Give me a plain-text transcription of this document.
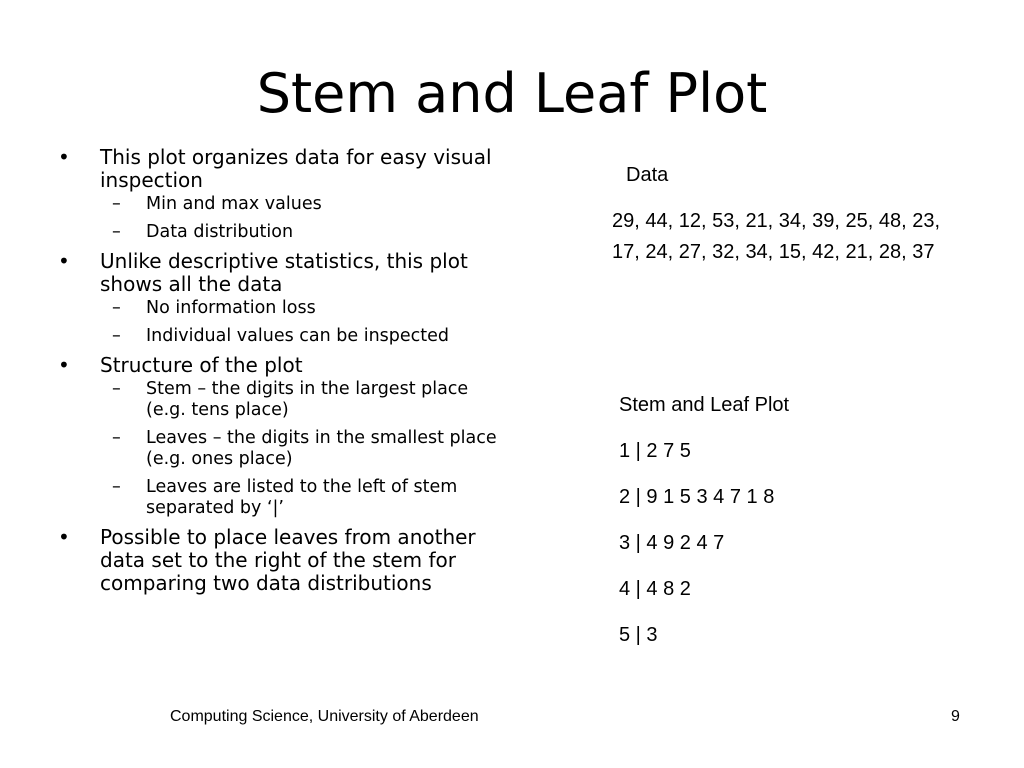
Stem and Leaf Plot
• This plot organizes data for easy visual inspection
– Min and max values
– Data distribution
• Unlike descriptive statistics, this plot shows all the data
– No information loss
– Individual values can be inspected
• Structure of the plot
– Stem – the digits in the largest place (e.g. tens place)
– Leaves – the digits in the smallest place (e.g. ones place)
– Leaves are listed to the left of stem separated by ‘|’
• Possible to place leaves from another data set to the right of the stem for comparing two data distributions
Data
29, 44, 12, 53, 21, 34, 39, 25, 48, 23, 17, 24, 27, 32, 34, 15, 42, 21, 28, 37
Stem and Leaf Plot
1 | 2 7 5
2 | 9 1 5 3 4 7 1 8
3 | 4 9 2 4 7
4 | 4 8 2
5 | 3
Computing Science, University of Aberdeen	9
